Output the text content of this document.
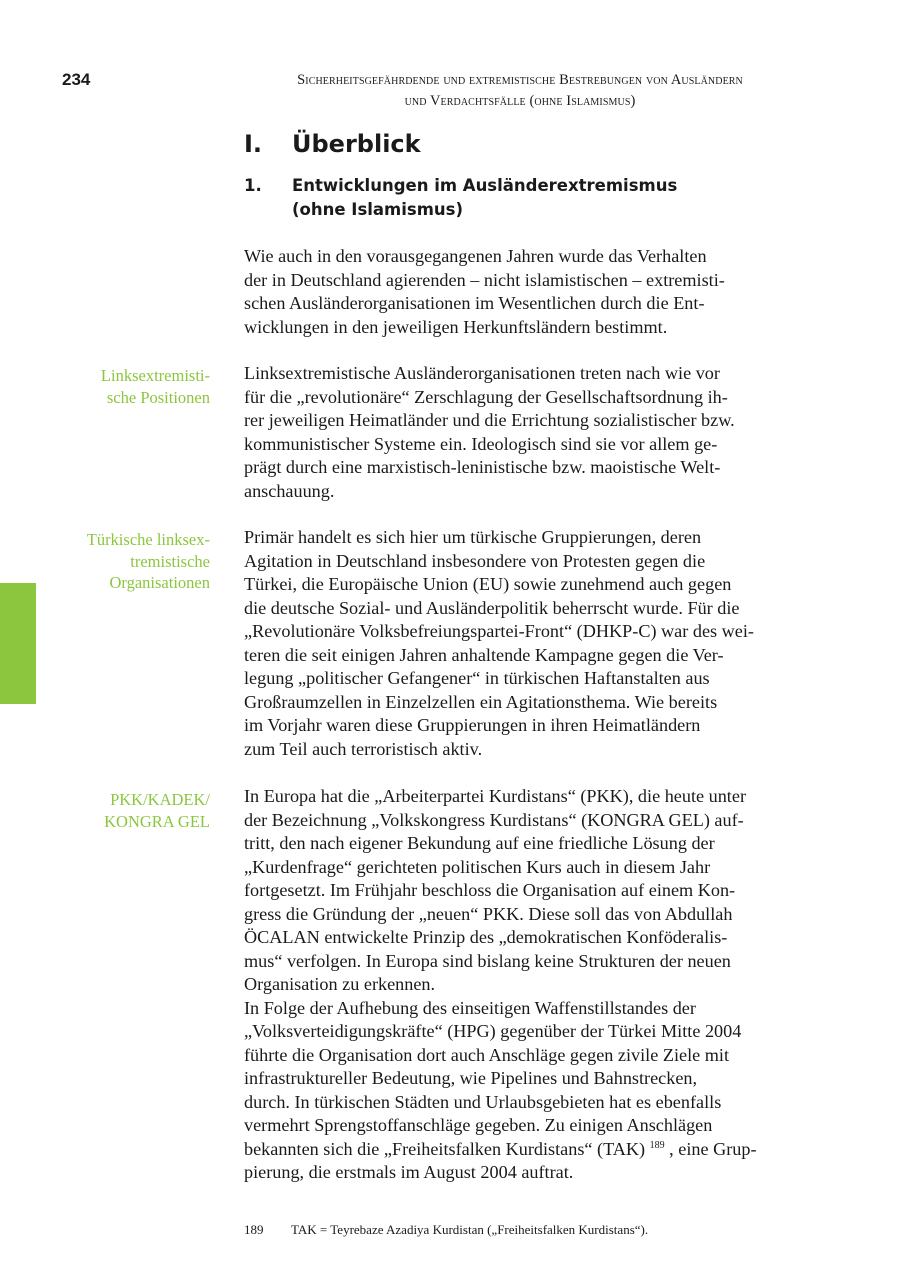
234	Sicherheitsgefährdende und extremistische Bestrebungen von Ausländern
und Verdachtsfälle (ohne Islamismus)
I. Überblick
1. Entwicklungen im Ausländerextremismus
(ohne Islamismus)
Wie auch in den vorausgegangenen Jahren wurde das Verhalten
der in Deutschland agierenden – nicht islamistischen – extremisti-
schen Ausländerorganisationen im Wesentlichen durch die Ent-
wicklungen in den jeweiligen Herkunftsländern bestimmt.
Linksextremisti-
sche Positionen
Linksextremistische Ausländerorganisationen treten nach wie vor
für die „revolutionäre“ Zerschlagung der Gesellschaftsordnung ih-
rer jeweiligen Heimatländer und die Errichtung sozialistischer bzw.
kommunistischer Systeme ein. Ideologisch sind sie vor allem ge-
prägt durch eine marxistisch-leninistische bzw. maoistische Welt-
anschauung.
Türkische linksex-
tremistische
Organisationen
Primär handelt es sich hier um türkische Gruppierungen, deren
Agitation in Deutschland insbesondere von Protesten gegen die
Türkei, die Europäische Union (EU) sowie zunehmend auch gegen
die deutsche Sozial- und Ausländerpolitik beherrscht wurde. Für die
„Revolutionäre Volksbefreiungspartei-Front“ (DHKP-C) war des wei-
teren die seit einigen Jahren anhaltende Kampagne gegen die Ver-
legung „politischer Gefangener“ in türkischen Haftanstalten aus
Großraumzellen in Einzelzellen ein Agitationsthema. Wie bereits
im Vorjahr waren diese Gruppierungen in ihren Heimatländern
zum Teil auch terroristisch aktiv.
PKK/KADEK/
KONGRA GEL
In Europa hat die „Arbeiterpartei Kurdistans“ (PKK), die heute unter
der Bezeichnung „Volkskongress Kurdistans“ (KONGRA GEL) auf-
tritt, den nach eigener Bekundung auf eine friedliche Lösung der
„Kurdenfrage“ gerichteten politischen Kurs auch in diesem Jahr
fortgesetzt. Im Frühjahr beschloss die Organisation auf einem Kon-
gress die Gründung der „neuen“ PKK. Diese soll das von Abdullah
ÖCALAN entwickelte Prinzip des „demokratischen Konföderalis-
mus“ verfolgen. In Europa sind bislang keine Strukturen der neuen
Organisation zu erkennen.
In Folge der Aufhebung des einseitigen Waffenstillstandes der
„Volksverteidigungskräfte“ (HPG) gegenüber der Türkei Mitte 2004
führte die Organisation dort auch Anschläge gegen zivile Ziele mit
infrastruktureller Bedeutung, wie Pipelines und Bahnstrecken,
durch. In türkischen Städten und Urlaubsgebieten hat es ebenfalls
vermehrt Sprengstoffanschläge gegeben. Zu einigen Anschlägen
bekannten sich die „Freiheitsfalken Kurdistans“ (TAK) $^{189}$ , eine Grup-
pierung, die erstmals im August 2004 auftrat.
189 TAK = Teyrebaze Azadiya Kurdistan („Freiheitsfalken Kurdistans“).
